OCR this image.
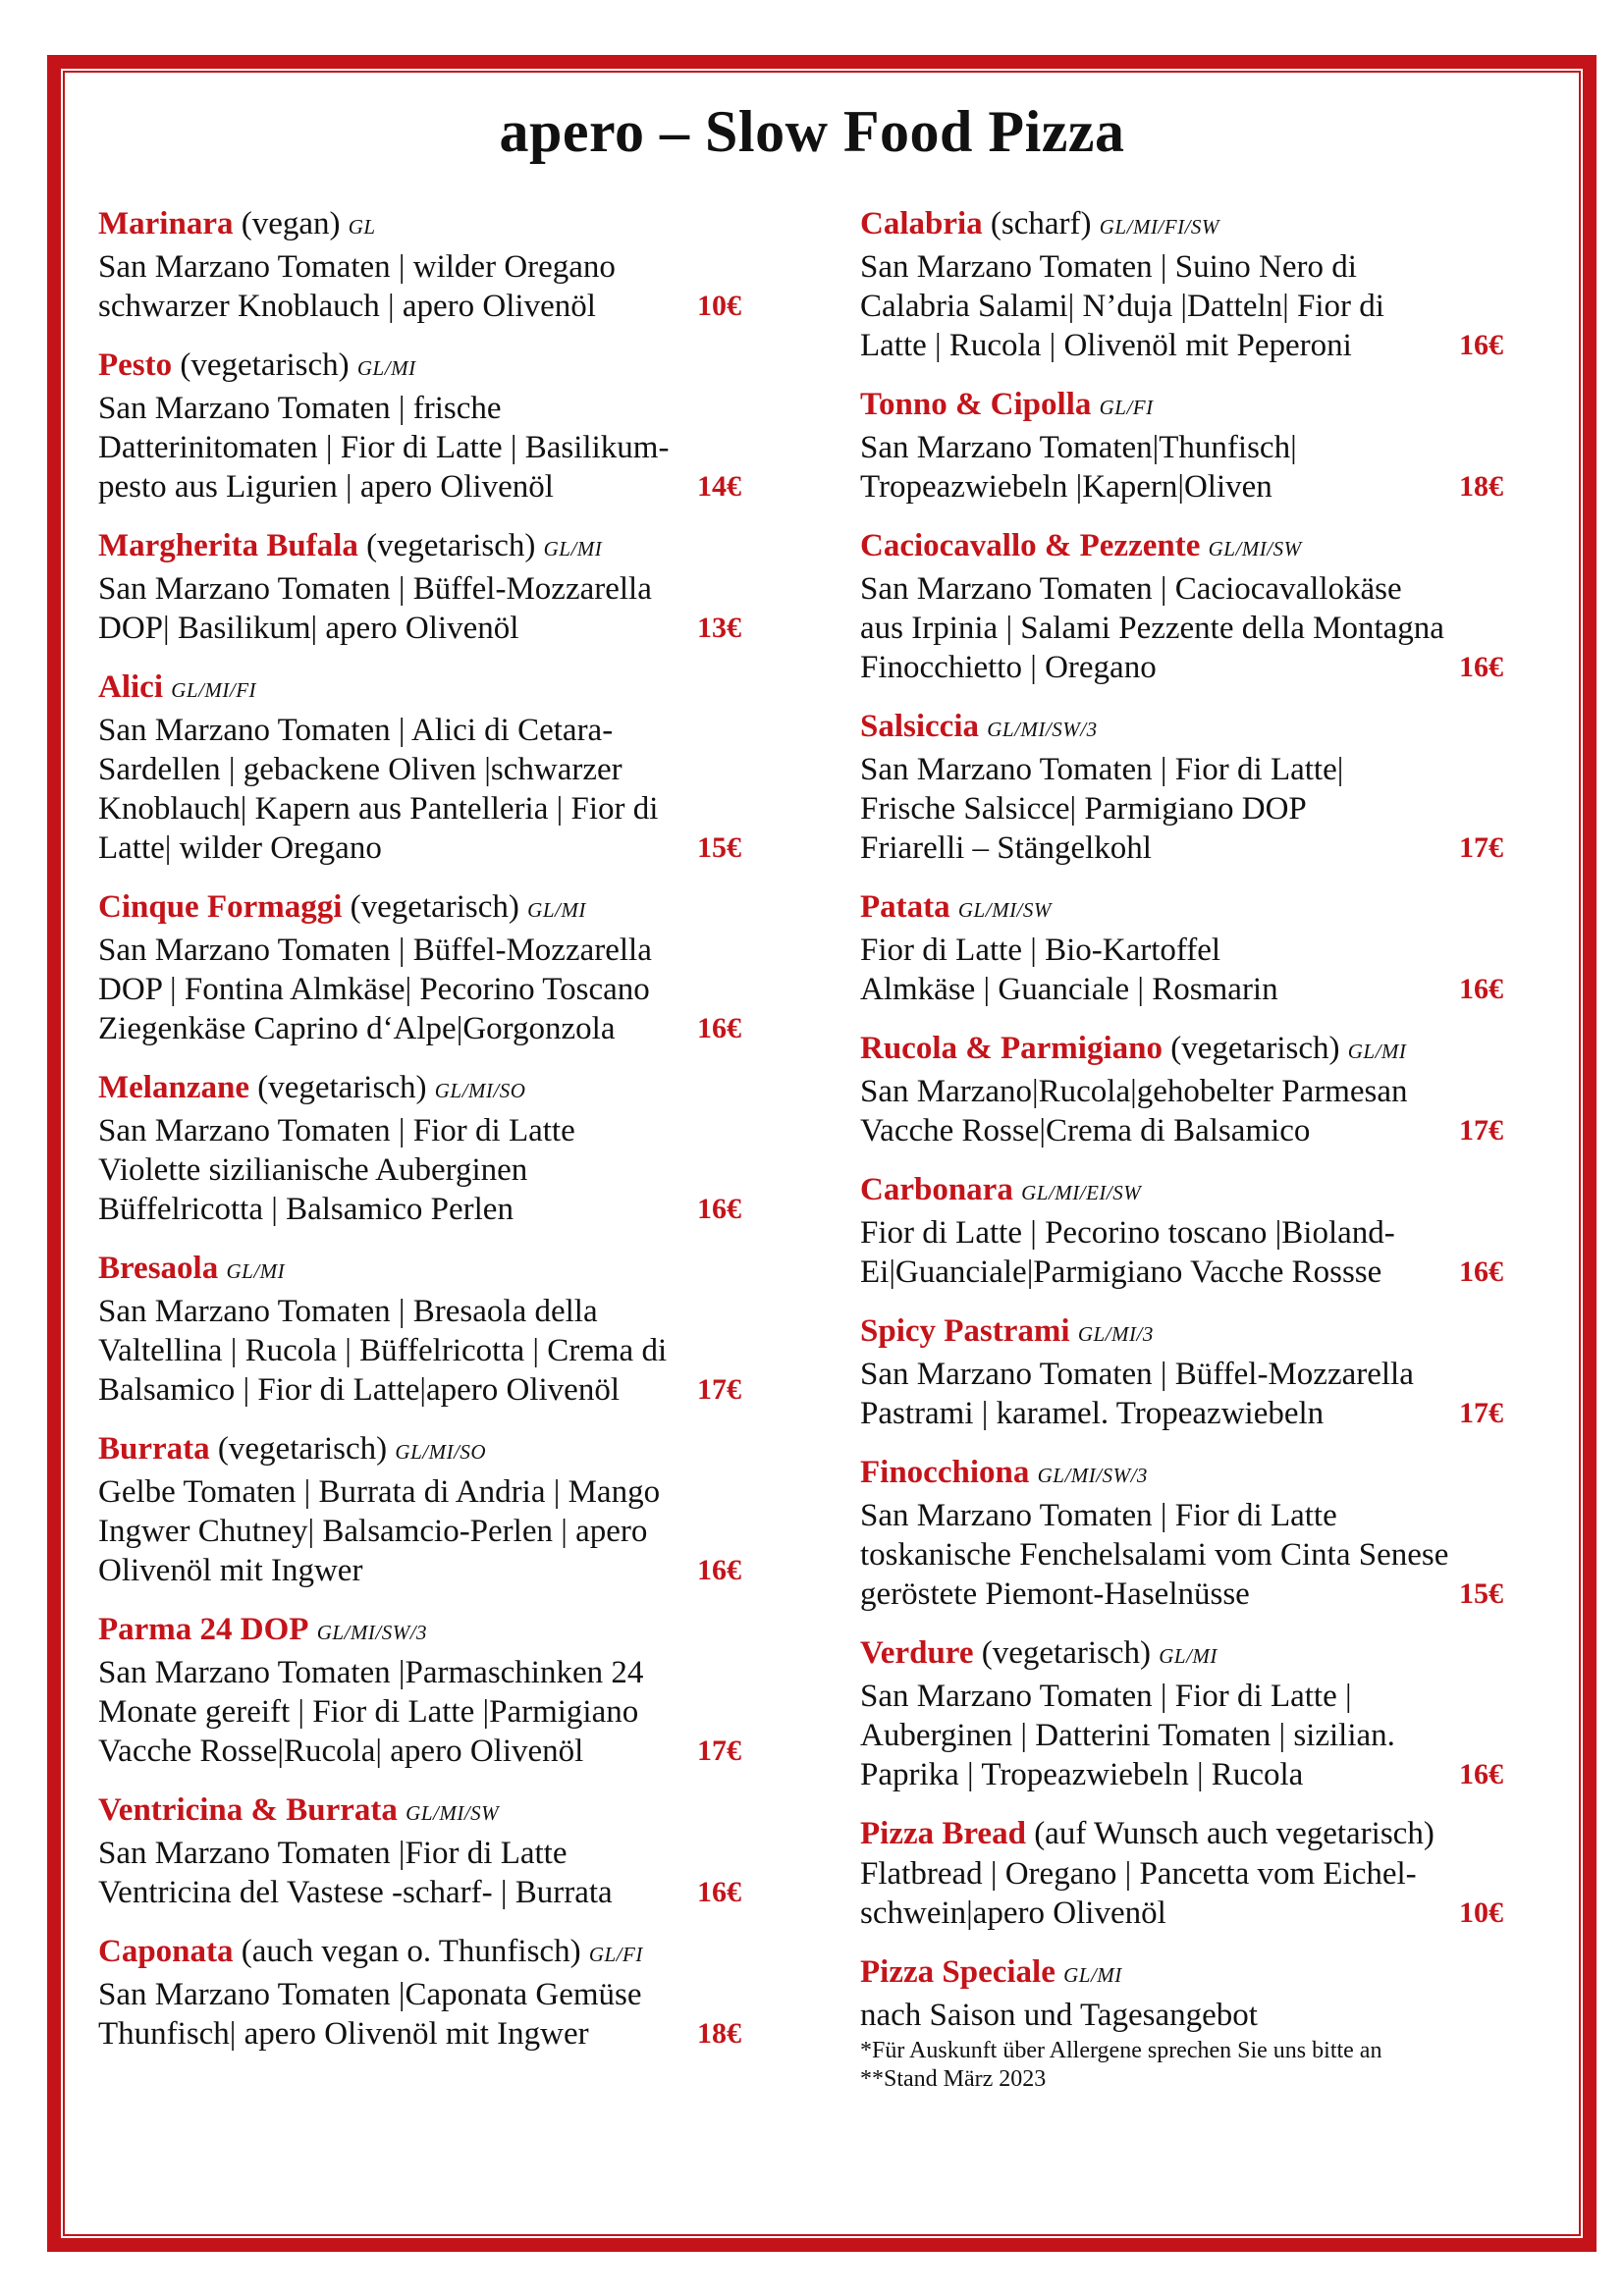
apero – Slow Food Pizza
Marinara (vegan) GL
San Marzano Tomaten | wilder Oregano
schwarzer Knoblauch | apero Olivenöl	10€
Pesto (vegetarisch) GL/MI
San Marzano Tomaten | frische
Datterinitomaten | Fior di Latte | Basilikum-
pesto aus Ligurien | apero Olivenöl	14€
Margherita Bufala (vegetarisch) GL/MI
San Marzano Tomaten | Büffel-Mozzarella
DOP| Basilikum| apero Olivenöl	13€
Alici GL/MI/FI
San Marzano Tomaten | Alici di Cetara-
Sardellen | gebackene Oliven |schwarzer
Knoblauch| Kapern aus Pantelleria | Fior di
Latte| wilder Oregano	15€
Cinque Formaggi (vegetarisch) GL/MI
San Marzano Tomaten | Büffel-Mozzarella
DOP | Fontina Almkäse| Pecorino Toscano
Ziegenkäse Caprino d‘Alpe|Gorgonzola	16€
Melanzane (vegetarisch) GL/MI/SO
San Marzano Tomaten | Fior di Latte
Violette sizilianische Auberginen
Büffelricotta | Balsamico Perlen	16€
Bresaola GL/MI
San Marzano Tomaten | Bresaola della
Valtellina | Rucola | Büffelricotta | Crema di
Balsamico | Fior di Latte|apero Olivenöl	17€
Burrata (vegetarisch) GL/MI/SO
Gelbe Tomaten | Burrata di Andria | Mango
Ingwer Chutney| Balsamcio-Perlen | apero
Olivenöl mit Ingwer	16€
Parma 24 DOP GL/MI/SW/3
San Marzano Tomaten |Parmaschinken 24
Monate gereift | Fior di Latte |Parmigiano
Vacche Rosse|Rucola| apero Olivenöl	17€
Ventricina & Burrata GL/MI/SW
San Marzano Tomaten |Fior di Latte
Ventricina del Vastese -scharf- | Burrata	16€
Caponata (auch vegan o. Thunfisch) GL/FI
San Marzano Tomaten |Caponata Gemüse
Thunfisch| apero Olivenöl mit Ingwer	18€
Calabria (scharf) GL/MI/FI/SW
San Marzano Tomaten | Suino Nero di
Calabria Salami| N’duja |Datteln| Fior di
Latte | Rucola | Olivenöl mit Peperoni	16€
Tonno & Cipolla GL/FI
San Marzano Tomaten|Thunfisch|
Tropeazwiebeln |Kapern|Oliven	18€
Caciocavallo & Pezzente GL/MI/SW
San Marzano Tomaten | Caciocavallokäse
aus Irpinia | Salami Pezzente della Montagna
Finocchietto | Oregano	16€
Salsiccia GL/MI/SW/3
San Marzano Tomaten | Fior di Latte|
Frische Salsicce| Parmigiano DOP
Friarelli – Stängelkohl	17€
Patata GL/MI/SW
Fior di Latte | Bio-Kartoffel
Almkäse | Guanciale | Rosmarin	16€
Rucola & Parmigiano (vegetarisch) GL/MI
San Marzano|Rucola|gehobelter Parmesan
Vacche Rosse|Crema di Balsamico	17€
Carbonara GL/MI/EI/SW
Fior di Latte | Pecorino toscano |Bioland-
Ei|Guanciale|Parmigiano Vacche Rossse	16€
Spicy Pastrami GL/MI/3
San Marzano Tomaten | Büffel-Mozzarella
Pastrami | karamel. Tropeazwiebeln	17€
Finocchiona GL/MI/SW/3
San Marzano Tomaten | Fior di Latte
toskanische Fenchelsalami vom Cinta Senese
geröstete Piemont-Haselnüsse	15€
Verdure (vegetarisch) GL/MI
San Marzano Tomaten | Fior di Latte |
Auberginen | Datterini Tomaten | sizilian.
Paprika | Tropeazwiebeln | Rucola	16€
Pizza Bread (auf Wunsch auch vegetarisch)
Flatbread | Oregano | Pancetta vom Eichel-
schwein|apero Olivenöl	10€
Pizza Speciale GL/MI
nach Saison und Tagesangebot
*Für Auskunft über Allergene sprechen Sie uns bitte an
**Stand März 2023
